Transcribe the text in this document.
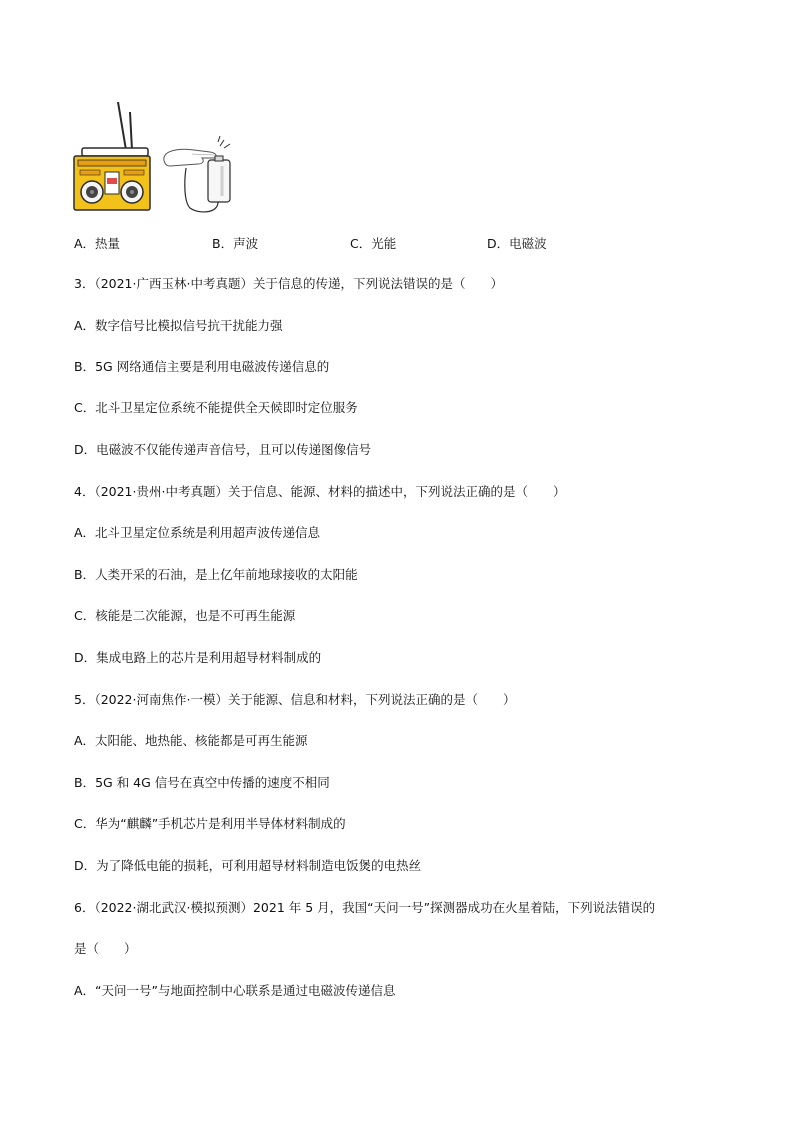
A．热量	B．声波	C．光能	D．电磁波
3．（2021·广西玉林·中考真题）关于信息的传递，下列说法错误的是（　　）
A．数字信号比模拟信号抗干扰能力强
B．5G 网络通信主要是利用电磁波传递信息的
C．北斗卫星定位系统不能提供全天候即时定位服务
D．电磁波不仅能传递声音信号，且可以传递图像信号
4．（2021·贵州·中考真题）关于信息、能源、材料的描述中，下列说法正确的是（　　）
A．北斗卫星定位系统是利用超声波传递信息
B．人类开采的石油，是上亿年前地球接收的太阳能
C．核能是二次能源，也是不可再生能源
D．集成电路上的芯片是利用超导材料制成的
5．（2022·河南焦作·一模）关于能源、信息和材料，下列说法正确的是（　　）
A．太阳能、地热能、核能都是可再生能源
B．5G 和 4G 信号在真空中传播的速度不相同
C．华为“麒麟”手机芯片是利用半导体材料制成的
D．为了降低电能的损耗，可利用超导材料制造电饭煲的电热丝
6．（2022·湖北武汉·模拟预测）2021 年 5 月，我国“天问一号”探测器成功在火星着陆，下列说法错误的
是（　　）
A．“天问一号”与地面控制中心联系是通过电磁波传递信息
